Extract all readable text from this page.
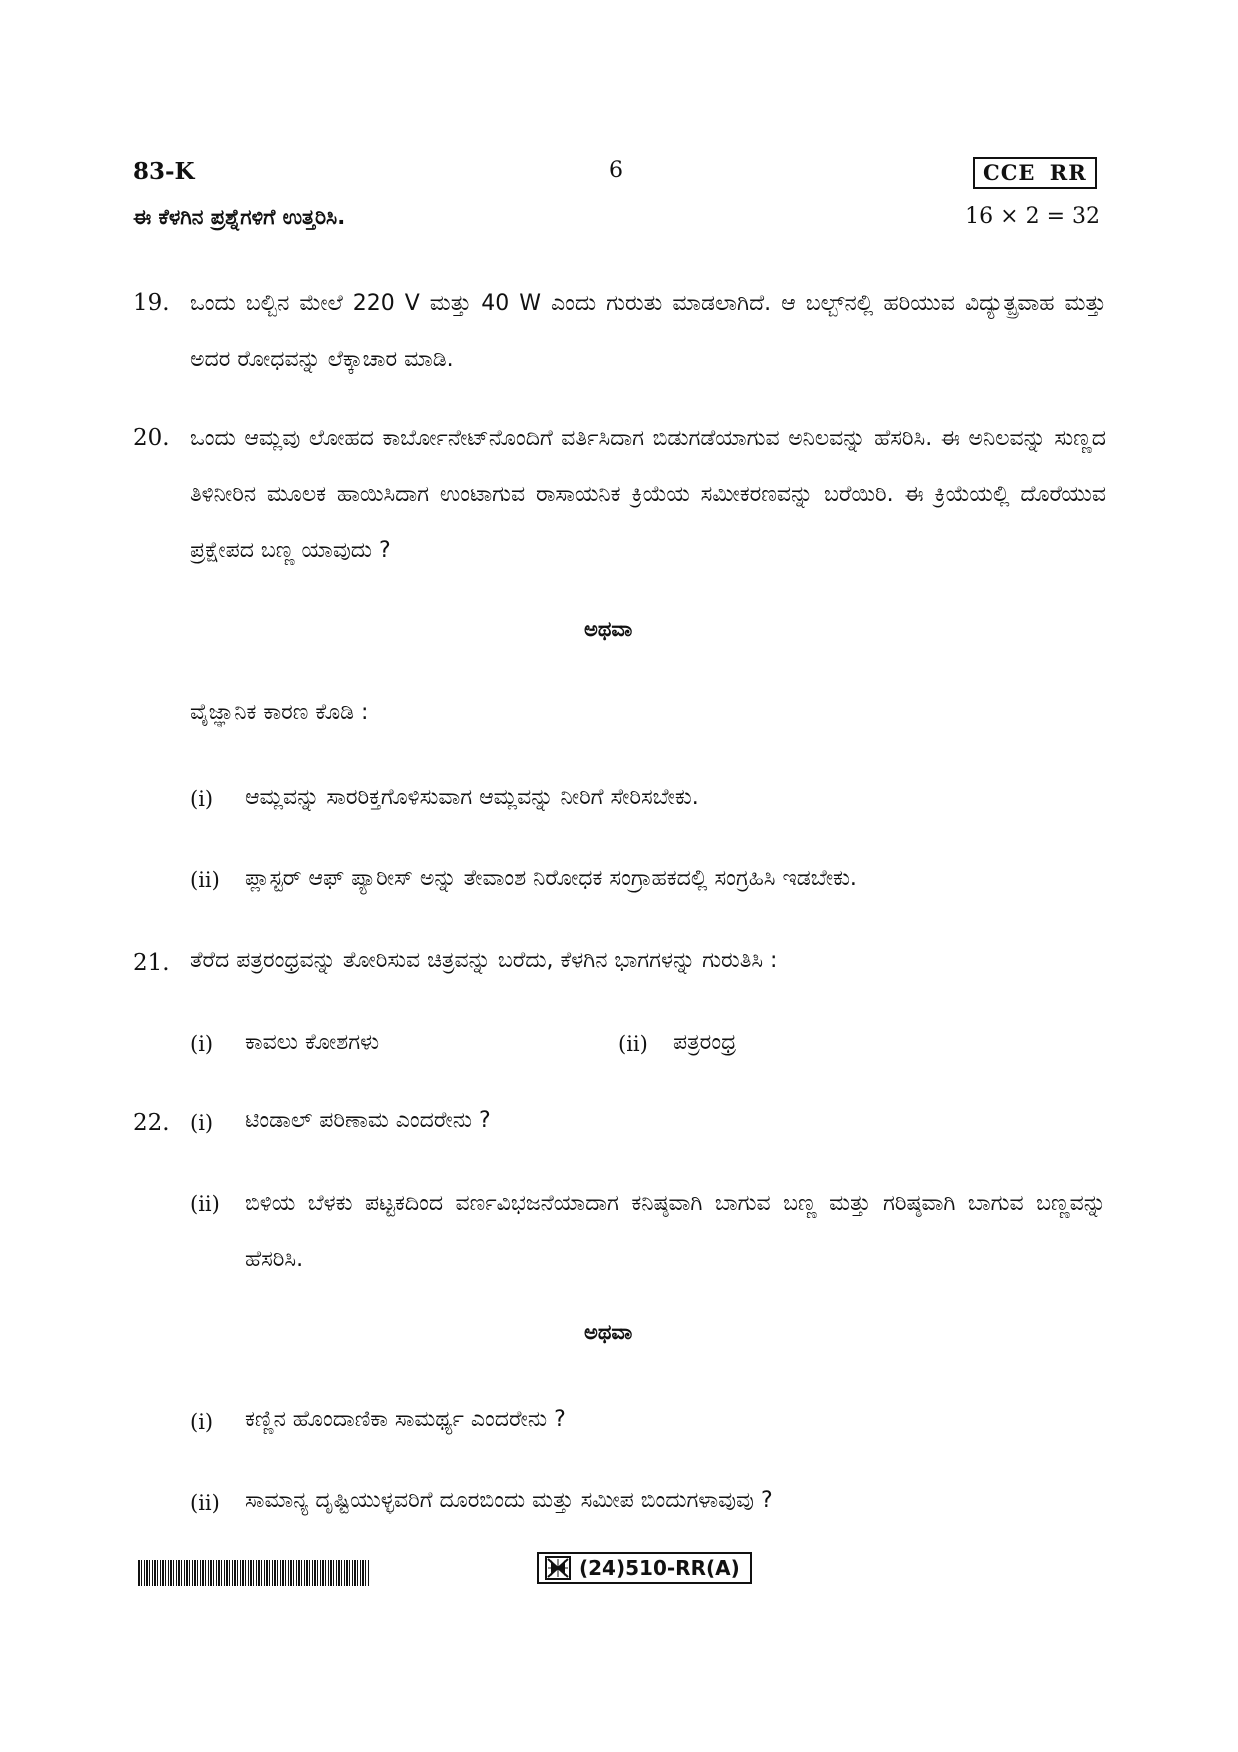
83-K	6	CCE RR
ಈ ಕೆಳಗಿನ ಪ್ರಶ್ನೆಗಳಿಗೆ ಉತ್ತರಿಸಿ.	16 × 2 = 32
19. ಒಂದು ಬಲ್ಬಿನ ಮೇಲೆ 220 V ಮತ್ತು 40 W ಎಂದು ಗುರುತು ಮಾಡಲಾಗಿದೆ. ಆ ಬಲ್ಬ್‌ನಲ್ಲಿ ಹರಿಯುವ ವಿದ್ಯುತ್ಪ್ರವಾಹ ಮತ್ತು ಅದರ ರೋಧವನ್ನು ಲೆಕ್ಕಾಚಾರ ಮಾಡಿ.
20. ಒಂದು ಆಮ್ಲವು ಲೋಹದ ಕಾರ್ಬೋನೇಟ್‌ನೊಂದಿಗೆ ವರ್ತಿಸಿದಾಗ ಬಿಡುಗಡೆಯಾಗುವ ಅನಿಲವನ್ನು ಹೆಸರಿಸಿ. ಈ ಅನಿಲವನ್ನು ಸುಣ್ಣದ ತಿಳಿನೀರಿನ ಮೂಲಕ ಹಾಯಿಸಿದಾಗ ಉಂಟಾಗುವ ರಾಸಾಯನಿಕ ಕ್ರಿಯೆಯ ಸಮೀಕರಣವನ್ನು ಬರೆಯಿರಿ. ಈ ಕ್ರಿಯೆಯಲ್ಲಿ ದೊರೆಯುವ ಪ್ರಕ್ಷೇಪದ ಬಣ್ಣ ಯಾವುದು ?
ಅಥವಾ
ವೈಜ್ಞಾನಿಕ ಕಾರಣ ಕೊಡಿ :
(i) ಆಮ್ಲವನ್ನು ಸಾರರಿಕ್ತಗೊಳಿಸುವಾಗ ಆಮ್ಲವನ್ನು ನೀರಿಗೆ ಸೇರಿಸಬೇಕು.
(ii) ಪ್ಲಾಸ್ಟರ್ ಆಫ್ ಪ್ಯಾರೀಸ್ ಅನ್ನು ತೇವಾಂಶ ನಿರೋಧಕ ಸಂಗ್ರಾಹಕದಲ್ಲಿ ಸಂಗ್ರಹಿಸಿ ಇಡಬೇಕು.
21. ತೆರೆದ ಪತ್ರರಂಧ್ರವನ್ನು ತೋರಿಸುವ ಚಿತ್ರವನ್ನು ಬರೆದು, ಕೆಳಗಿನ ಭಾಗಗಳನ್ನು ಗುರುತಿಸಿ :
(i) ಕಾವಲು ಕೋಶಗಳು	(ii) ಪತ್ರರಂಧ್ರ
22. (i) ಟಿಂಡಾಲ್ ಪರಿಣಾಮ ಎಂದರೇನು ?
(ii) ಬಿಳಿಯ ಬೆಳಕು ಪಟ್ಟಕದಿಂದ ವರ್ಣವಿಭಜನೆಯಾದಾಗ ಕನಿಷ್ಠವಾಗಿ ಬಾಗುವ ಬಣ್ಣ ಮತ್ತು ಗರಿಷ್ಠವಾಗಿ ಬಾಗುವ ಬಣ್ಣವನ್ನು ಹೆಸರಿಸಿ.
ಅಥವಾ
(i) ಕಣ್ಣಿನ ಹೊಂದಾಣಿಕಾ ಸಾಮರ್ಥ್ಯ ಎಂದರೇನು ?
(ii) ಸಾಮಾನ್ಯ ದೃಷ್ಟಿಯುಳ್ಳವರಿಗೆ ದೂರಬಿಂದು ಮತ್ತು ಸಮೀಪ ಬಿಂದುಗಳಾವುವು ?
(24)510-RR(A)
